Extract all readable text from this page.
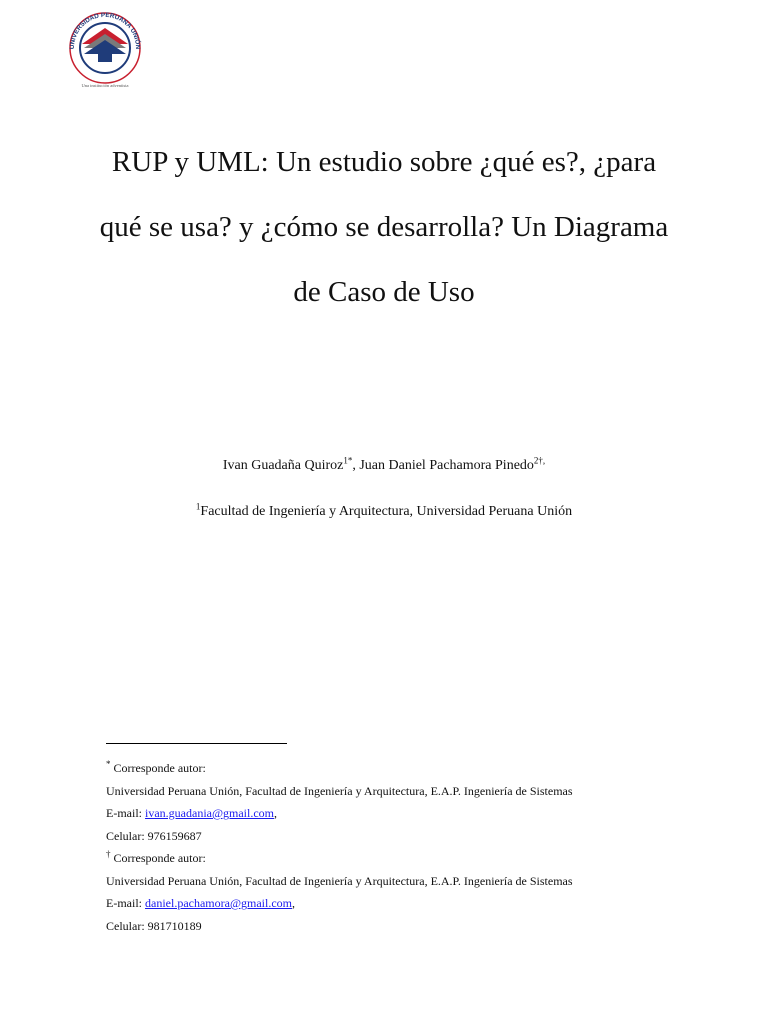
UNIVERSIDAD PERUANA UNIÓN
Una institución adventista
RUP y UML: Un estudio sobre ¿qué es?, ¿para
qué se usa? y ¿cómo se desarrolla? Un Diagrama
de Caso de Uso
Ivan Guadaña Quiroz$^{1*}$, Juan Daniel Pachamora Pinedo$^{2\dagger,}$
$^1$Facultad de Ingeniería y Arquitectura, Universidad Peruana Unión
* Corresponde autor:
Universidad Peruana Unión, Facultad de Ingeniería y Arquitectura, E.A.P. Ingeniería de Sistemas
E-mail: ivan.guadania@gmail.com,
Celular: 976159687
† Corresponde autor:
Universidad Peruana Unión, Facultad de Ingeniería y Arquitectura, E.A.P. Ingeniería de Sistemas
E-mail: daniel.pachamora@gmail.com,
Celular: 981710189
